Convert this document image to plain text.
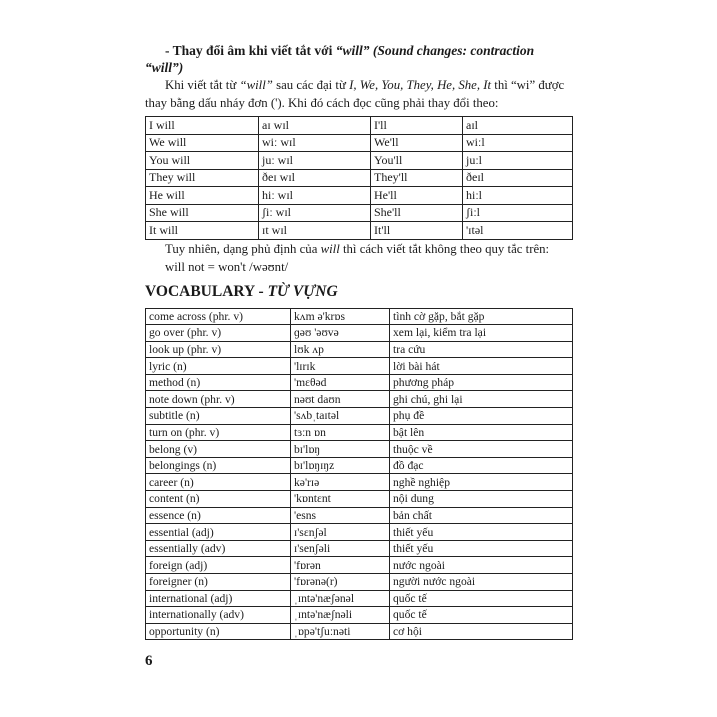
- Thay đổi âm khi viết tắt với “will” (Sound changes: contraction “will”)
Khi viết tắt từ “will” sau các đại từ I, We, You, They, He, She, It thì “wi” được thay bằng dấu nháy đơn ('). Khi đó cách đọc cũng phải thay đổi theo:
I will	aɪ wɪl	I'll	aɪl
We will	wiː wɪl	We'll	wiːl
You will	juː wɪl	You'll	juːl
They will	ðeɪ wɪl	They'll	ðeɪl
He will	hiː wɪl	He'll	hiːl
She will	ʃiː wɪl	She'll	ʃiːl
It will	ɪt wɪl	It'll	'ɪtəl
Tuy nhiên, dạng phủ định của will thì cách viết tắt không theo quy tắc trên:
will not = won't /wəʊnt/
VOCABULARY - TỪ VỰNG
come across (phr. v)	kʌm ə'krɒs	tình cờ gặp, bắt gặp
go over (phr. v)	ɡəʊ 'əʊvə	xem lại, kiểm tra lại
look up (phr. v)	lʊk ʌp	tra cứu
lyric (n)	'lɪrɪk	lời bài hát
method (n)	'mɛθəd	phương pháp
note down (phr. v)	nəʊt daʊn	ghi chú, ghi lại
subtitle (n)	'sʌbˌtaɪtəl	phụ đề
turn on (phr. v)	tɜːn ɒn	bật lên
belong (v)	bɪ'lɒŋ	thuộc về
belongings (n)	bɪ'lɒŋɪŋz	đồ đạc
career (n)	kə'rɪə	nghề nghiệp
content (n)	'kɒntɛnt	nội dung
essence (n)	'esns	bản chất
essential (adj)	ɪ'sɛnʃəl	thiết yếu
essentially (adv)	ɪ'senʃəli	thiết yếu
foreign (adj)	'fɒrən	nước ngoài
foreigner (n)	'fɒrənə(r)	người nước ngoài
international (adj)	ˌɪntə'næʃənəl	quốc tế
internationally (adv)	ˌɪntə'næʃnəli	quốc tế
opportunity (n)	ˌɒpə'tʃuːnəti	cơ hội
6
